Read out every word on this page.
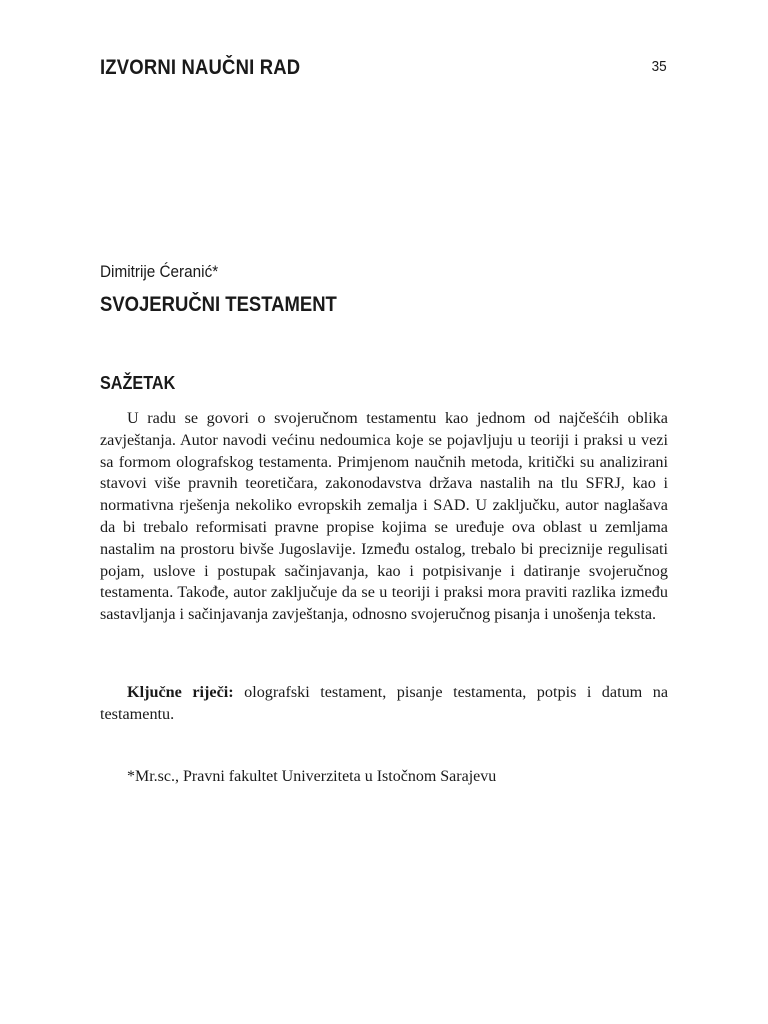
IZVORNI NAUČNI RAD	35
Dimitrije Ćeranić*
SVOJERUČNI TESTAMENT
SAŽETAK

U radu se govori o svojeručnom testamentu kao jednom od najčešćih oblika zavještanja. Autor navodi većinu nedoumica koje se pojavljuju u teoriji i praksi u vezi sa formom olografskog testamenta. Primjenom naučnih metoda, kritički su analizirani stavovi više pravnih teoretičara, zakonodavstva država nastalih na tlu SFRJ, kao i normativna rješenja nekoliko evropskih zemalja i SAD. U zaključku, autor naglašava da bi trebalo reformisati pravne propise kojima se uređuje ova oblast u zemljama nastalim na prostoru bivše Jugoslavije. Između ostalog, trebalo bi preciznije regulisati pojam, uslove i postupak sačinjavanja, kao i potpisivanje i datiranje svojeručnog testamenta. Takođe, autor zaključuje da se u teoriji i praksi mora praviti razlika između sastavljanja i sačinjavanja zavještanja, odnosno svojeručnog pisanja i unošenja teksta.

Ključne riječi: olografski testament, pisanje testamenta, potpis i datum na testamentu.

*Mr.sc., Pravni fakultet Univerziteta u Istočnom Sarajevu
